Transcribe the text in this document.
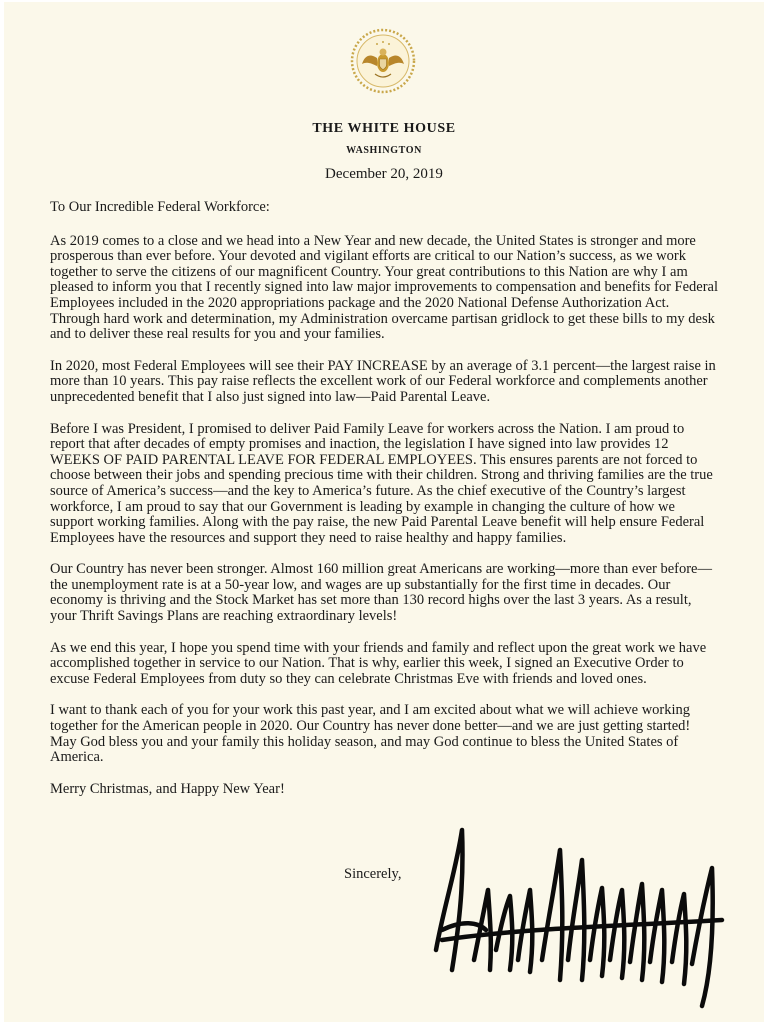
THE WHITE HOUSE
WASHINGTON
December 20, 2019

To Our Incredible Federal Workforce:

As 2019 comes to a close and we head into a New Year and new decade, the United States is stronger and more prosperous than ever before. Your devoted and vigilant efforts are critical to our Nation’s success, as we work together to serve the citizens of our magnificent Country. Your great contributions to this Nation are why I am pleased to inform you that I recently signed into law major improvements to compensation and benefits for Federal Employees included in the 2020 appropriations package and the 2020 National Defense Authorization Act. Through hard work and determination, my Administration overcame partisan gridlock to get these bills to my desk and to deliver these real results for you and your families.

In 2020, most Federal Employees will see their PAY INCREASE by an average of 3.1 percent—the largest raise in more than 10 years. This pay raise reflects the excellent work of our Federal workforce and complements another unprecedented benefit that I also just signed into law—Paid Parental Leave.

Before I was President, I promised to deliver Paid Family Leave for workers across the Nation. I am proud to report that after decades of empty promises and inaction, the legislation I have signed into law provides 12 WEEKS OF PAID PARENTAL LEAVE FOR FEDERAL EMPLOYEES. This ensures parents are not forced to choose between their jobs and spending precious time with their children. Strong and thriving families are the true source of America’s success—and the key to America’s future. As the chief executive of the Country’s largest workforce, I am proud to say that our Government is leading by example in changing the culture of how we support working families. Along with the pay raise, the new Paid Parental Leave benefit will help ensure Federal Employees have the resources and support they need to raise healthy and happy families.

Our Country has never been stronger. Almost 160 million great Americans are working—more than ever before—the unemployment rate is at a 50-year low, and wages are up substantially for the first time in decades. Our economy is thriving and the Stock Market has set more than 130 record highs over the last 3 years. As a result, your Thrift Savings Plans are reaching extraordinary levels!

As we end this year, I hope you spend time with your friends and family and reflect upon the great work we have accomplished together in service to our Nation. That is why, earlier this week, I signed an Executive Order to excuse Federal Employees from duty so they can celebrate Christmas Eve with friends and loved ones.

I want to thank each of you for your work this past year, and I am excited about what we will achieve working together for the American people in 2020. Our Country has never done better—and we are just getting started! May God bless you and your family this holiday season, and may God continue to bless the United States of America.

Merry Christmas, and Happy New Year!

Sincerely,
